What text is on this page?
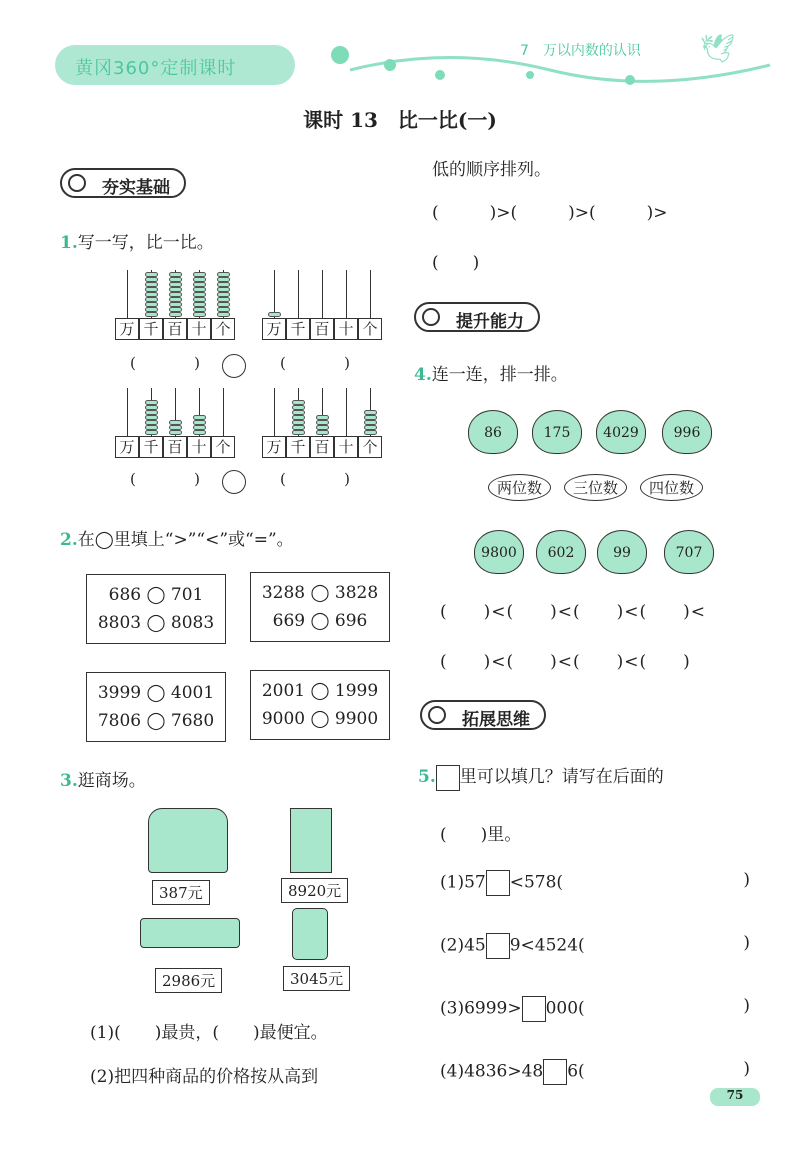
黄冈360°定制课时
7　万以内数的认识 🕊
课时 13　比一比(一)
夯实基础
1.写一写，比一比。
万 千 百 十 个	万 千 百 十 个
万 千 百 十 个	万 千 百 十 个
(	)	(	)
(	)	(	)
2.在◯里填上“>”“<”或“=”。
686 ◯ 701
8803 ◯ 8083
3288 ◯ 3828
669 ◯ 696
3999 ◯ 4001
7806 ◯ 7680
2001 ◯ 1999
9000 ◯ 9900
3.逛商场。
387元	8920元
2986元	3045元
(1)(　　)最贵，(　　)最便宜。
(2)把四种商品的价格按从高到
低的顺序排列。
(　　　)>(　　　)>(　　　)>
(　　)
提升能力
4.连一连，排一排。
86	175	4029	996
两位数	三位数	四位数
9800	602	99	707
(　　)<(　　)<(　　)<(　　)<
(　　)<(　　)<(　　)<(　　)
拓展思维
5. 里可以填几？请写在后面的
(　　)里。
(1)57 <578(	)
(2)45 9<4524(	)
(3)6999> 000(	)
(4)4836>48 6(	)
75
